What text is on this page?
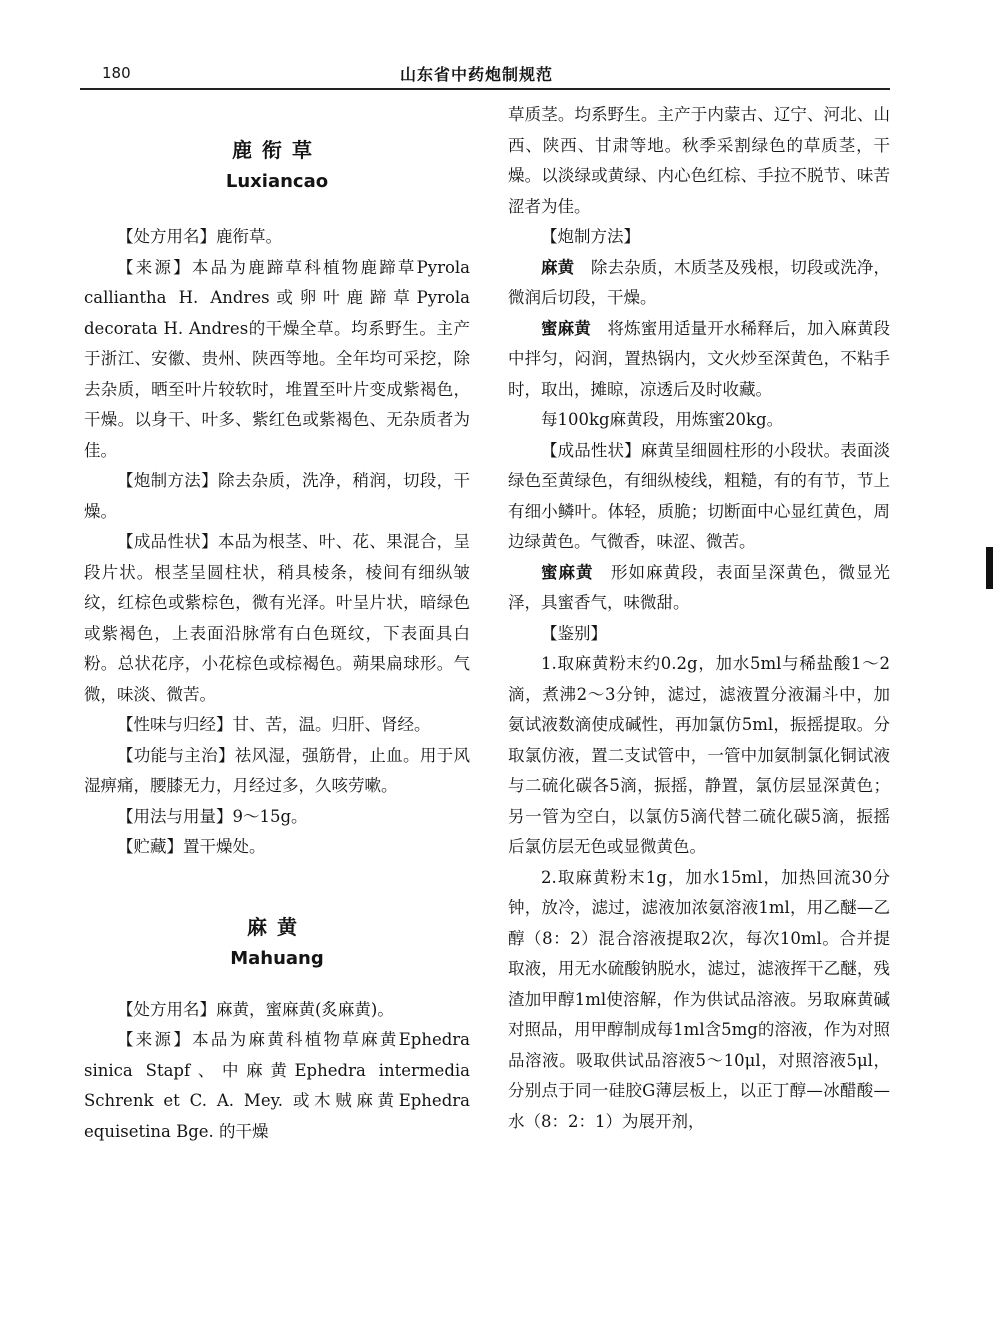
180	山东省中药炮制规范
鹿衔草
Luxiancao

【处方用名】鹿衔草。

【来源】本品为鹿蹄草科植物鹿蹄草Pyrola calliantha H. Andres或卵叶鹿蹄草Pyrola decorata H. Andres的干燥全草。均系野生。主产于浙江、安徽、贵州、陕西等地。全年均可采挖，除去杂质，晒至叶片较软时，堆置至叶片变成紫褐色，干燥。以身干、叶多、紫红色或紫褐色、无杂质者为佳。

【炮制方法】除去杂质，洗净，稍润，切段，干燥。

【成品性状】本品为根茎、叶、花、果混合，呈段片状。根茎呈圆柱状，稍具棱条，棱间有细纵皱纹，红棕色或紫棕色，微有光泽。叶呈片状，暗绿色或紫褐色，上表面沿脉常有白色斑纹，下表面具白粉。总状花序，小花棕色或棕褐色。蒴果扁球形。气微，味淡、微苦。

【性味与归经】甘、苦，温。归肝、肾经。

【功能与主治】祛风湿，强筋骨，止血。用于风湿痹痛，腰膝无力，月经过多，久咳劳嗽。

【用法与用量】9～15g。

【贮藏】置干燥处。

麻黄
Mahuang

【处方用名】麻黄，蜜麻黄(炙麻黄)。

【来源】本品为麻黄科植物草麻黄Ephedra sinica Stapf、中麻黄Ephedra intermedia Schrenk et C. A. Mey. 或木贼麻黄Ephedra equisetina Bge. 的干燥

草质茎。均系野生。主产于内蒙古、辽宁、河北、山西、陕西、甘肃等地。秋季采割绿色的草质茎，干燥。以淡绿或黄绿、内心色红棕、手拉不脱节、味苦涩者为佳。

【炮制方法】

麻黄　 除去杂质，木质茎及残根，切段或洗净，微润后切段，干燥。

蜜麻黄　 将炼蜜用适量开水稀释后，加入麻黄段中拌匀，闷润，置热锅内，文火炒至深黄色，不粘手时，取出，摊晾，凉透后及时收藏。

每100kg麻黄段，用炼蜜20kg。

【成品性状】麻黄呈细圆柱形的小段状。表面淡绿色至黄绿色，有细纵棱线，粗糙，有的有节，节上有细小鳞叶。体轻，质脆；切断面中心显红黄色，周边绿黄色。气微香，味涩、微苦。

蜜麻黄　 形如麻黄段，表面呈深黄色，微显光泽，具蜜香气，味微甜。

【鉴别】

1.取麻黄粉末约0.2g，加水5ml与稀盐酸1～2滴，煮沸2～3分钟，滤过，滤液置分液漏斗中，加氨试液数滴使成碱性，再加氯仿5ml，振摇提取。分取氯仿液，置二支试管中，一管中加氨制氯化铜试液与二硫化碳各5滴，振摇，静置，氯仿层显深黄色；另一管为空白，以氯仿5滴代替二硫化碳5滴，振摇后氯仿层无色或显微黄色。

2.取麻黄粉末1g，加水15ml，加热回流30分钟，放冷，滤过，滤液加浓氨溶液1ml，用乙醚—乙醇（8：2）混合溶液提取2次，每次10ml。合并提取液，用无水硫酸钠脱水，滤过，滤液挥干乙醚，残渣加甲醇1ml使溶解，作为供试品溶液。另取麻黄碱对照品，用甲醇制成每1ml含5mg的溶液，作为对照品溶液。吸取供试品溶液5～10μl，对照溶液5μl，分别点于同一硅胶G薄层板上，以正丁醇—冰醋酸—水（8：2：1）为展开剂，
